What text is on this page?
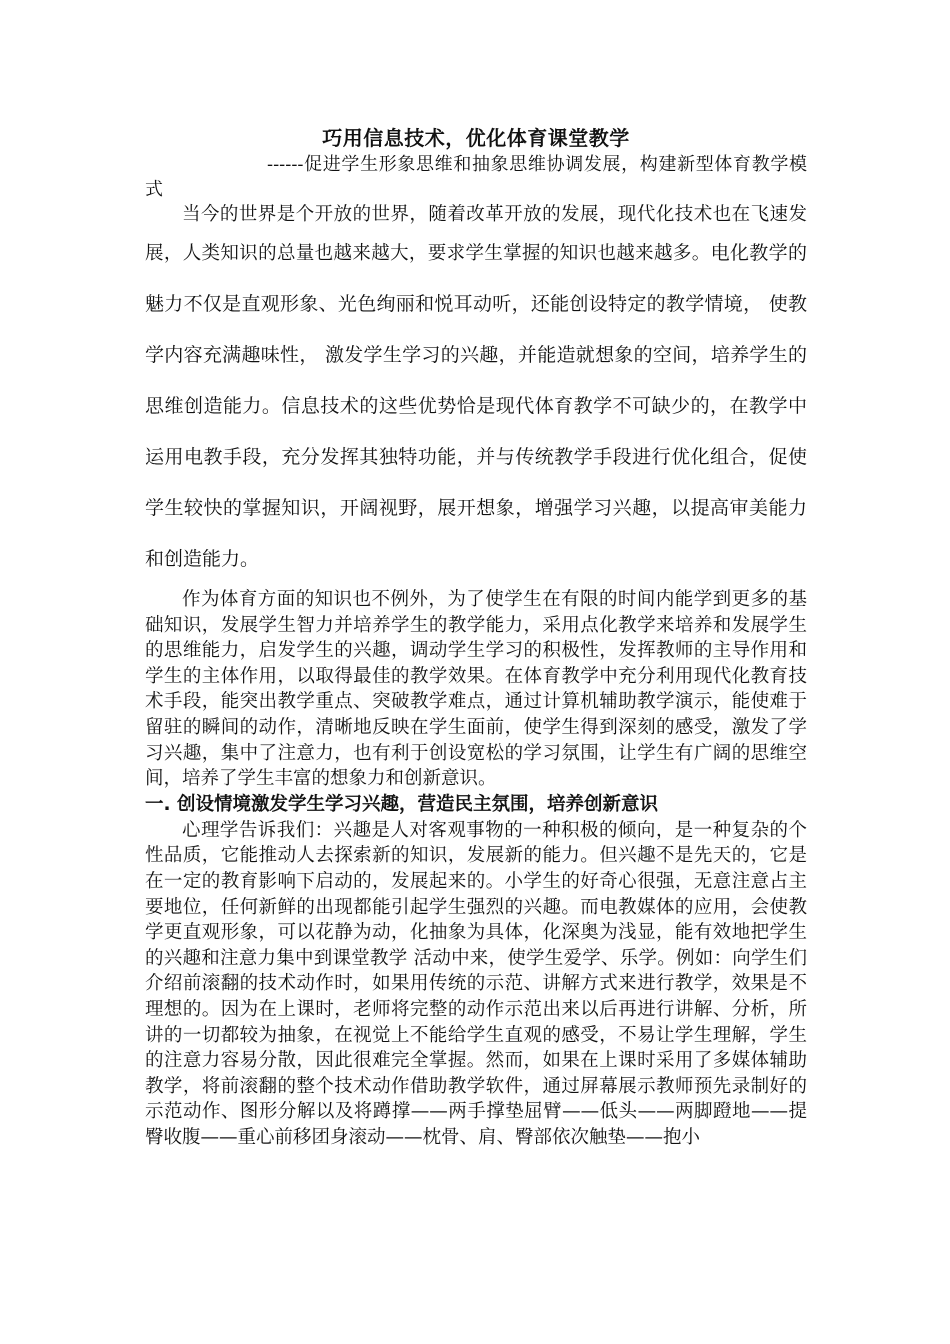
巧用信息技术，优化体育课堂教学

------促进学生形象思维和抽象思维协调发展，构建新型体育教学模式

当今的世界是个开放的世界，随着改革开放的发展，现代化技术也在飞速发展，人类知识的总量也越来越大，要求学生掌握的知识也越来越多。电化教学的魅力不仅是直观形象、光色绚丽和悦耳动听，还能创设特定的教学情境， 使教学内容充满趣味性， 激发学生学习的兴趣，并能造就想象的空间，培养学生的思维创造能力。信息技术的这些优势恰是现代体育教学不可缺少的，在教学中运用电教手段，充分发挥其独特功能，并与传统教学手段进行优化组合，促使学生较快的掌握知识，开阔视野，展开想象，增强学习兴趣，以提高审美能力和创造能力。

作为体育方面的知识也不例外，为了使学生在有限的时间内能学到更多的基础知识，发展学生智力并培养学生的教学能力，采用点化教学来培养和发展学生的思维能力，启发学生的兴趣，调动学生学习的积极性，发挥教师的主导作用和学生的主体作用，以取得最佳的教学效果。在体育教学中充分利用现代化教育技术手段，能突出教学重点、突破教学难点，通过计算机辅助教学演示，能使难于留驻的瞬间的动作，清晰地反映在学生面前，使学生得到深刻的感受，激发了学习兴趣，集中了注意力，也有利于创设宽松的学习氛围，让学生有广阔的思维空间，培养了学生丰富的想象力和创新意识。

一. 创设情境激发学生学习兴趣，营造民主氛围，培养创新意识

心理学告诉我们：兴趣是人对客观事物的一种积极的倾向，是一种复杂的个性品质，它能推动人去探索新的知识，发展新的能力。但兴趣不是先天的，它是在一定的教育影响下启动的，发展起来的。小学生的好奇心很强，无意注意占主要地位，任何新鲜的出现都能引起学生强烈的兴趣。而电教媒体的应用，会使教学更直观形象，可以花静为动，化抽象为具体，化深奥为浅显，能有效地把学生的兴趣和注意力集中到课堂教学 活动中来，使学生爱学、乐学。例如：向学生们介绍前滚翻的技术动作时，如果用传统的示范、讲解方式来进行教学，效果是不理想的。因为在上课时，老师将完整的动作示范出来以后再进行讲解、分析，所讲的一切都较为抽象，在视觉上不能给学生直观的感受，不易让学生理解，学生的注意力容易分散，因此很难完全掌握。然而，如果在上课时采用了多媒体辅助教学，将前滚翻的整个技术动作借助教学软件，通过屏幕展示教师预先录制好的示范动作、图形分解以及将蹲撑——两手撑垫屈臂——低头——两脚蹬地——提臀收腹——重心前移团身滚动——枕骨、肩、臀部依次触垫——抱小
